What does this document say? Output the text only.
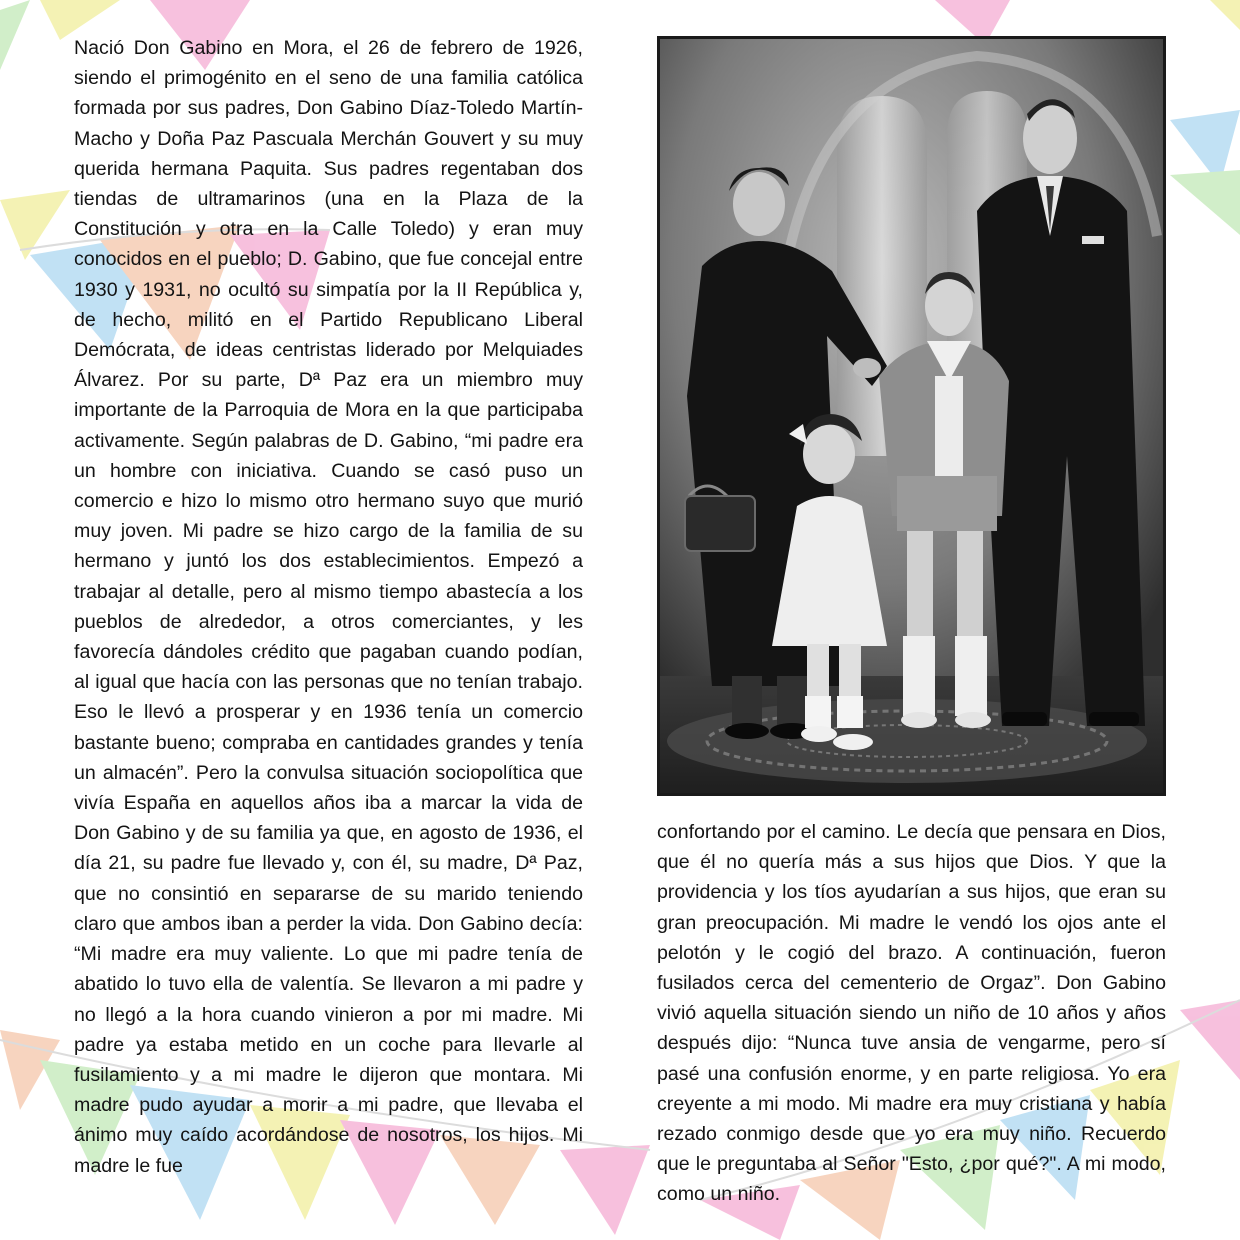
Nació Don Gabino en Mora, el 26 de febrero de 1926, siendo el primogénito en el seno de una familia católica formada por sus padres, Don Gabino Díaz-Toledo Martín-Macho y Doña Paz Pascuala Merchán Gouvert y su muy querida hermana Paquita. Sus padres regentaban dos tiendas de ultramarinos (una en la Plaza de la Constitución y otra en la Calle Toledo) y eran muy conocidos en el pueblo; D. Gabino, que fue concejal entre 1930 y 1931, no ocultó su simpatía por la II República y, de hecho, militó en el Partido Republicano Liberal Demócrata, de ideas centristas liderado por Melquiades Álvarez. Por su parte, Dª Paz era un miembro muy importante de la Parroquia de Mora en la que participaba activamente. Según palabras de D. Gabino, “mi padre era un hombre con iniciativa. Cuando se casó puso un comercio e hizo lo mismo otro hermano suyo que murió muy joven. Mi padre se hizo cargo de la familia de su hermano y juntó los dos establecimientos. Empezó a trabajar al detalle, pero al mismo tiempo abastecía a los pueblos de alrededor, a otros comerciantes, y les favorecía dándoles crédito que pagaban cuando podían, al igual que hacía con las personas que no tenían trabajo. Eso le llevó a prosperar y en 1936 tenía un comercio bastante bueno; compraba en cantidades grandes y tenía un almacén”. Pero la convulsa situación sociopolítica que vivía España en aquellos años iba a marcar la vida de Don Gabino y de su familia ya que, en agosto de 1936, el día 21, su padre fue llevado y, con él, su madre, Dª Paz, que no consintió en separarse de su marido teniendo claro que ambos iban a perder la vida. Don Gabino decía: “Mi madre era muy valiente. Lo que mi padre tenía de abatido lo tuvo ella de valentía. Se llevaron a mi padre y no llegó a la hora cuando vinieron a por mi madre. Mi padre ya estaba metido en un coche para llevarle al fusilamiento y a mi madre le dijeron que montara. Mi madre pudo ayudar a morir a mi padre, que llevaba el ánimo muy caído acordándose de nosotros, los hijos. Mi madre le fue

confortando por el camino. Le decía que pensara en Dios, que él no quería más a sus hijos que Dios. Y que la providencia y los tíos ayudarían a sus hijos, que eran su gran preocupación. Mi madre le vendó los ojos ante el pelotón y le cogió del brazo. A continuación, fueron fusilados cerca del cementerio de Orgaz”. Don Gabino vivió aquella situación siendo un niño de 10 años y años después dijo: “Nunca tuve ansia de vengarme, pero sí pasé una confusión enorme, y en parte religiosa. Yo era creyente a mi modo. Mi madre era muy cristiana y había rezado conmigo desde que yo era muy niño. Recuerdo que le preguntaba al Señor "Esto, ¿por qué?". A mi modo, como un niño.
